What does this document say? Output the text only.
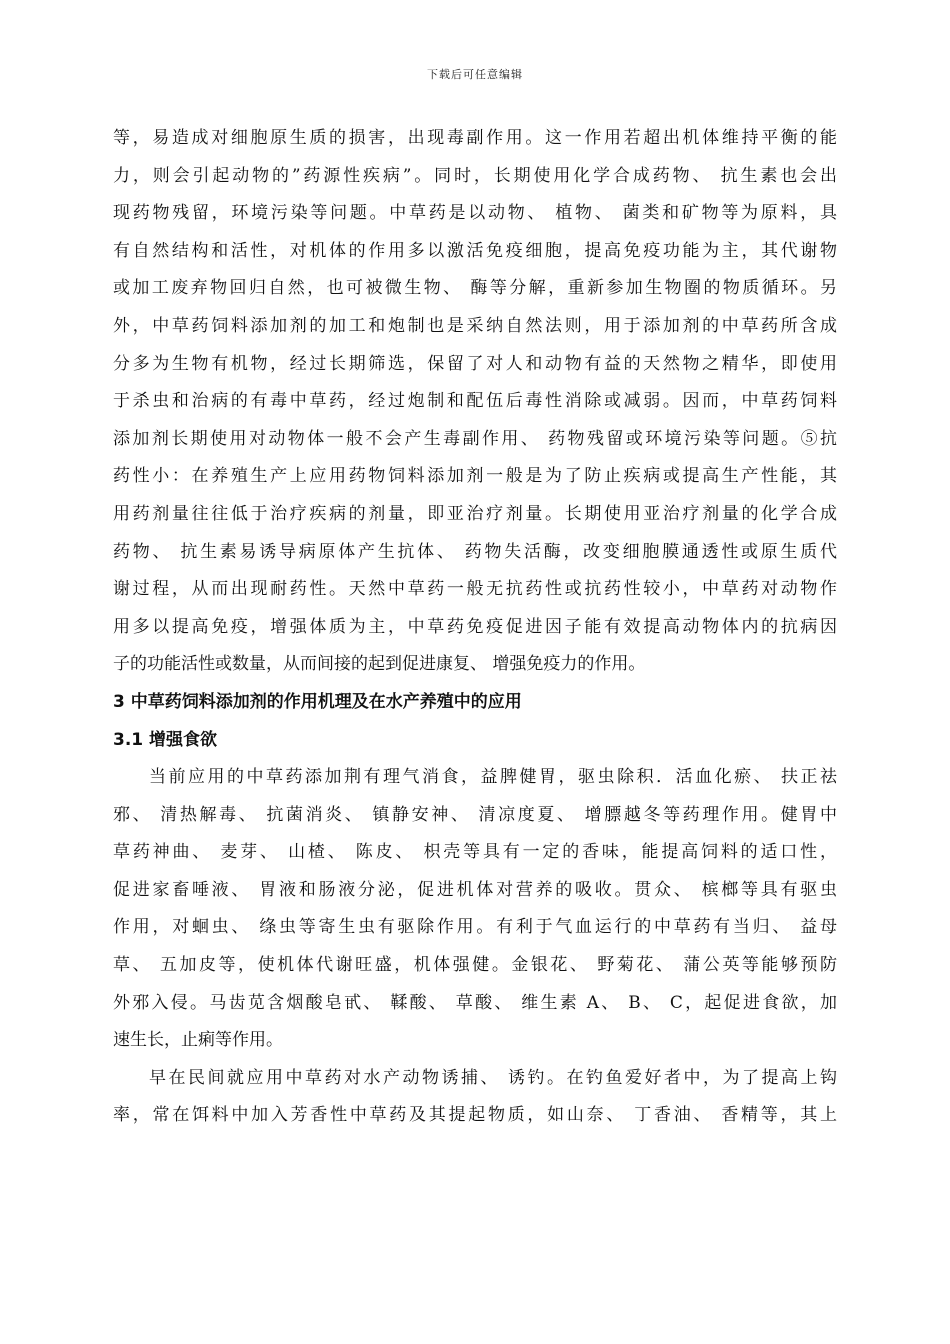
下载后可任意编辑
等，易造成对细胞原生质的损害，出现毒副作用。这一作用若超出机体维持平衡的能
力，则会引起动物的”药源性疾病”。同时，长期使用化学合成药物、 抗生素也会出
现药物残留，环境污染等问题。中草药是以动物、 植物、 菌类和矿物等为原料，具
有自然结构和活性，对机体的作用多以激活免疫细胞，提高免疫功能为主，其代谢物
或加工废弃物回归自然，也可被微生物、 酶等分解，重新参加生物圈的物质循环。另
外，中草药饲料添加剂的加工和炮制也是采纳自然法则，用于添加剂的中草药所含成
分多为生物有机物，经过长期筛选，保留了对人和动物有益的天然物之精华，即使用
于杀虫和治病的有毒中草药，经过炮制和配伍后毒性消除或减弱。因而，中草药饲料
添加剂长期使用对动物体一般不会产生毒副作用、 药物残留或环境污染等问题。⑤抗
药性小：在养殖生产上应用药物饲料添加剂一般是为了防止疾病或提高生产性能，其
用药剂量往往低于治疗疾病的剂量，即亚治疗剂量。长期使用亚治疗剂量的化学合成
药物、 抗生素易诱导病原体产生抗体、 药物失活酶，改变细胞膜通透性或原生质代
谢过程，从而出现耐药性。天然中草药一般无抗药性或抗药性较小，中草药对动物作
用多以提高免疫，增强体质为主，中草药免疫促进因子能有效提高动物体内的抗病因
子的功能活性或数量，从而间接的起到促进康复、 增强免疫力的作用。
3 中草药饲料添加剂的作用机理及在水产养殖中的应用
3.1 增强食欲
当前应用的中草药添加荆有理气消食，益脾健胃，驱虫除积．活血化瘀、 扶正祛
邪、 清热解毒、 抗菌消炎、 镇静安神、 清凉度夏、 增膘越冬等药理作用。健胃中
草药神曲、 麦芽、 山楂、 陈皮、 枳壳等具有一定的香味，能提高饲料的适口性，
促进家畜唾液、 胃液和肠液分泌，促进机体对营养的吸收。贯众、 槟榔等具有驱虫
作用，对蛔虫、 绦虫等寄生虫有驱除作用。有利于气血运行的中草药有当归、 益母
草、 五加皮等，使机体代谢旺盛，机体强健。金银花、 野菊花、 蒲公英等能够预防
外邪入侵。马齿苋含烟酸皂甙、 鞣酸、 草酸、 维生素 A、 B、 C，起促进食欲，加
速生长，止痢等作用。
早在民间就应用中草药对水产动物诱捕、 诱钓。在钓鱼爱好者中，为了提高上钩
率，常在饵料中加入芳香性中草药及其提起物质，如山奈、 丁香油、 香精等，其上
